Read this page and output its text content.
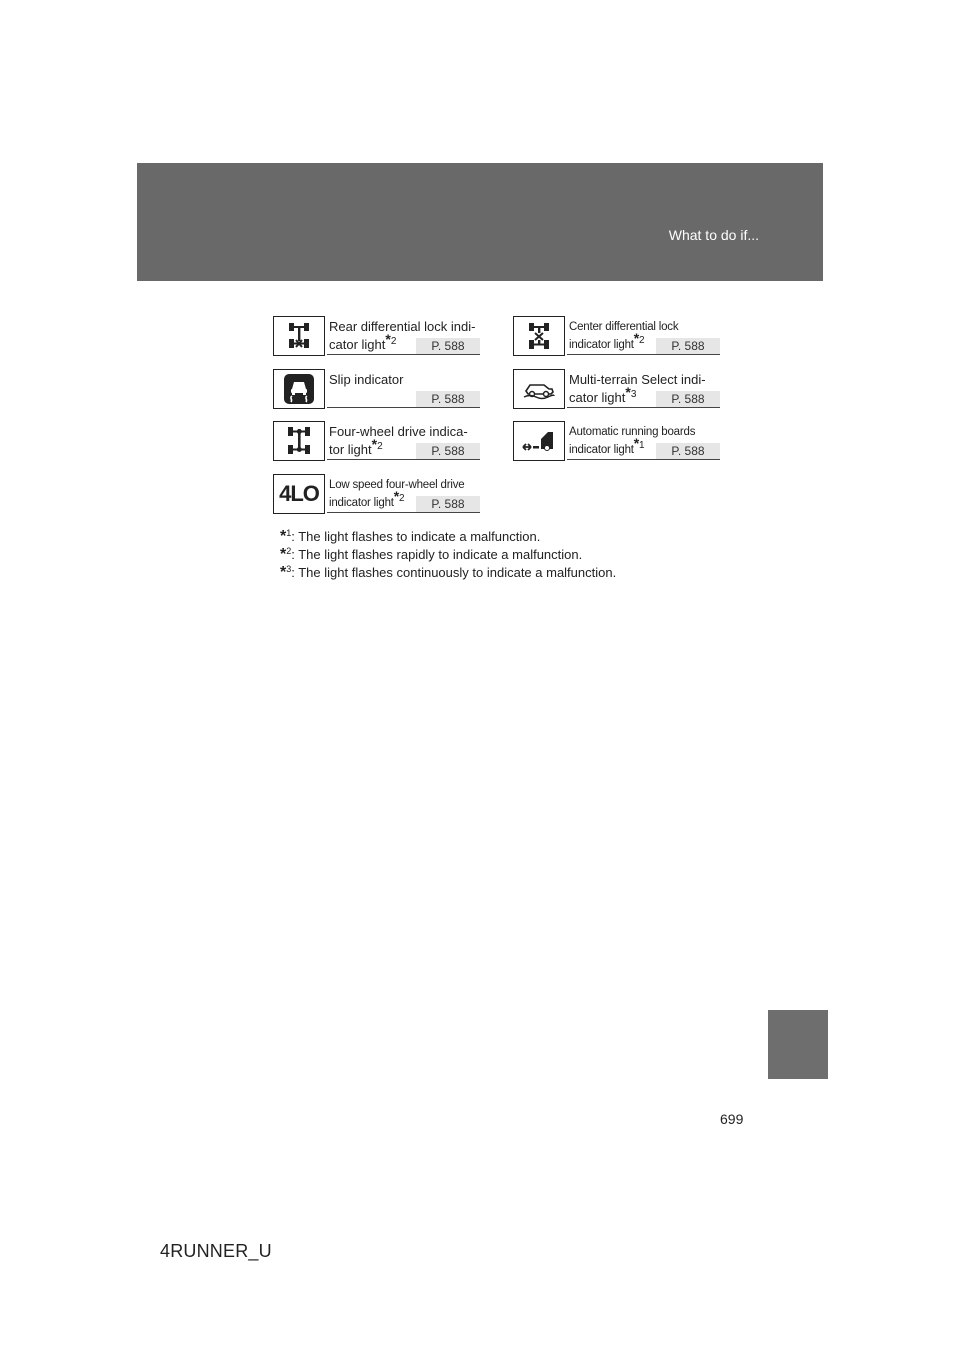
What to do if...
Rear differential lock indi-
cator light$^{*2}$	P. 588
Center differential lock
indicator light$^{*2}$	P. 588
Slip indicator
P. 588
Multi-terrain Select indi-
cator light$^{*3}$	P. 588
Four-wheel drive indica-
tor light$^{*2}$	P. 588
Automatic running boards
indicator light$^{*1}$	P. 588
4LO Low speed four-wheel drive
indicator light$^{*2}$	P. 588
*$^1$: The light flashes to indicate a malfunction.
*$^2$: The light flashes rapidly to indicate a malfunction.
*$^3$: The light flashes continuously to indicate a malfunction.
699
4RUNNER_U
